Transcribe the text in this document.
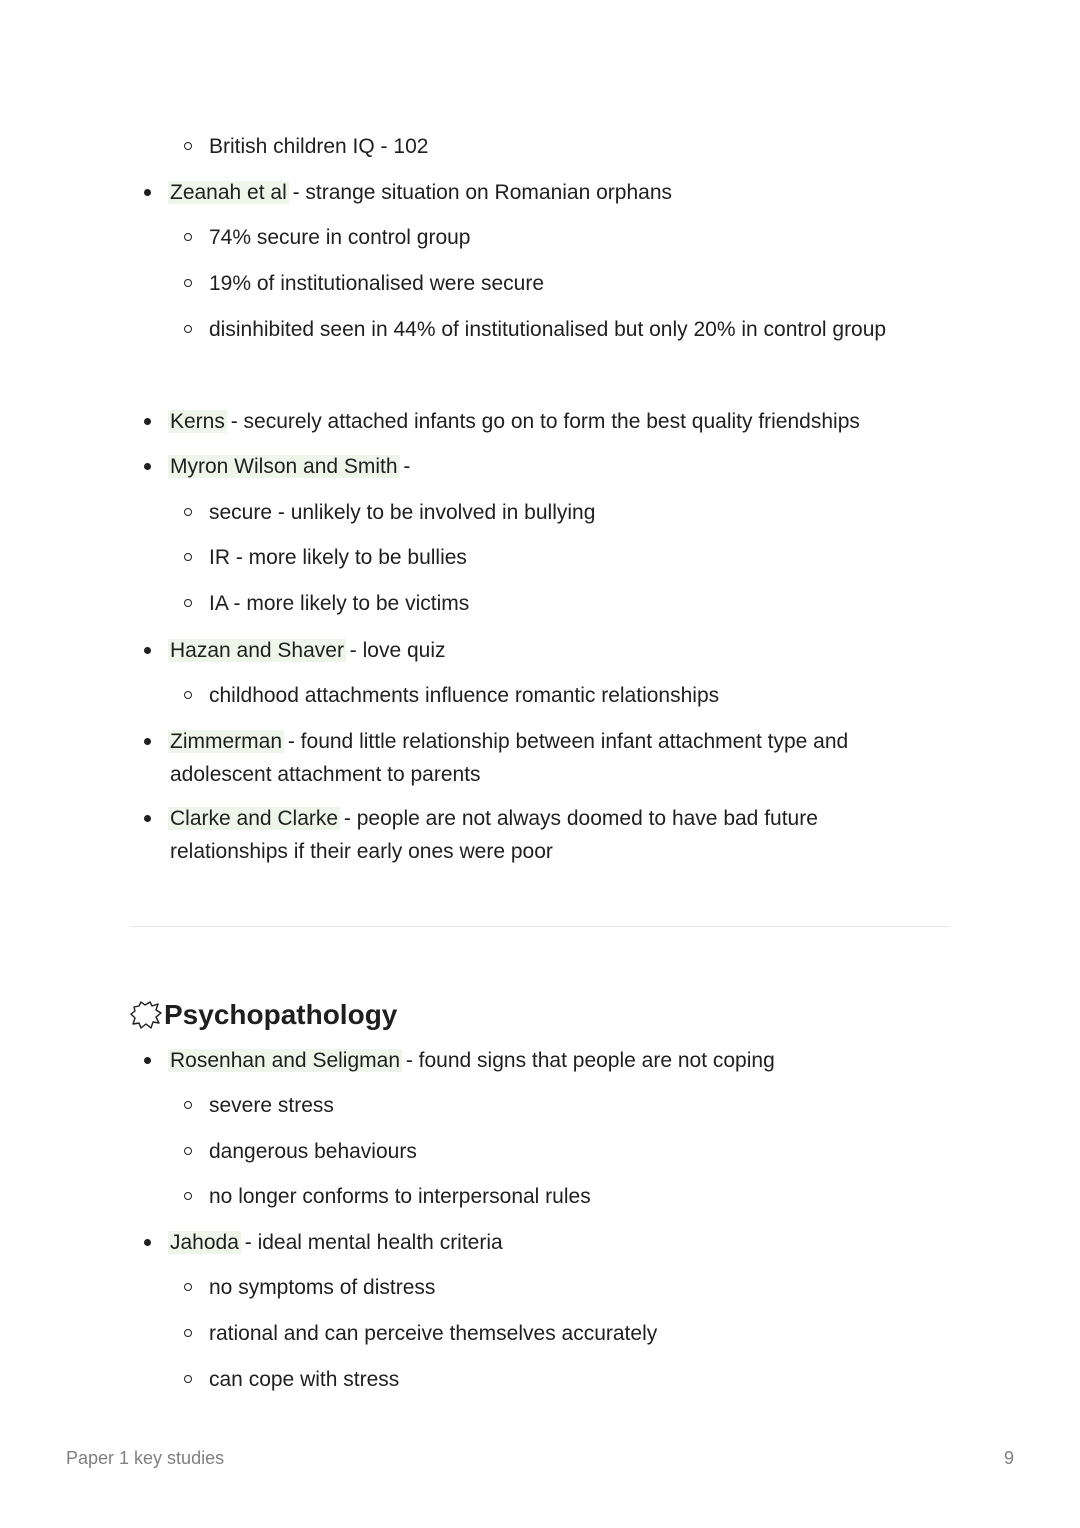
British children IQ - 102
Zeanah et al - strange situation on Romanian orphans
74% secure in control group
19% of institutionalised were secure
disinhibited seen in 44% of institutionalised but only 20% in control group
Kerns - securely attached infants go on to form the best quality friendships
Myron Wilson and Smith -
secure - unlikely to be involved in bullying
IR - more likely to be bullies
IA - more likely to be victims
Hazan and Shaver - love quiz
childhood attachments influence romantic relationships
Zimmerman - found little relationship between infant attachment type and adolescent attachment to parents
Clarke and Clarke - people are not always doomed to have bad future relationships if their early ones were poor
Psychopathology
Rosenhan and Seligman - found signs that people are not coping
severe stress
dangerous behaviours
no longer conforms to interpersonal rules
Jahoda - ideal mental health criteria
no symptoms of distress
rational and can perceive themselves accurately
can cope with stress
Paper 1 key studies	9
